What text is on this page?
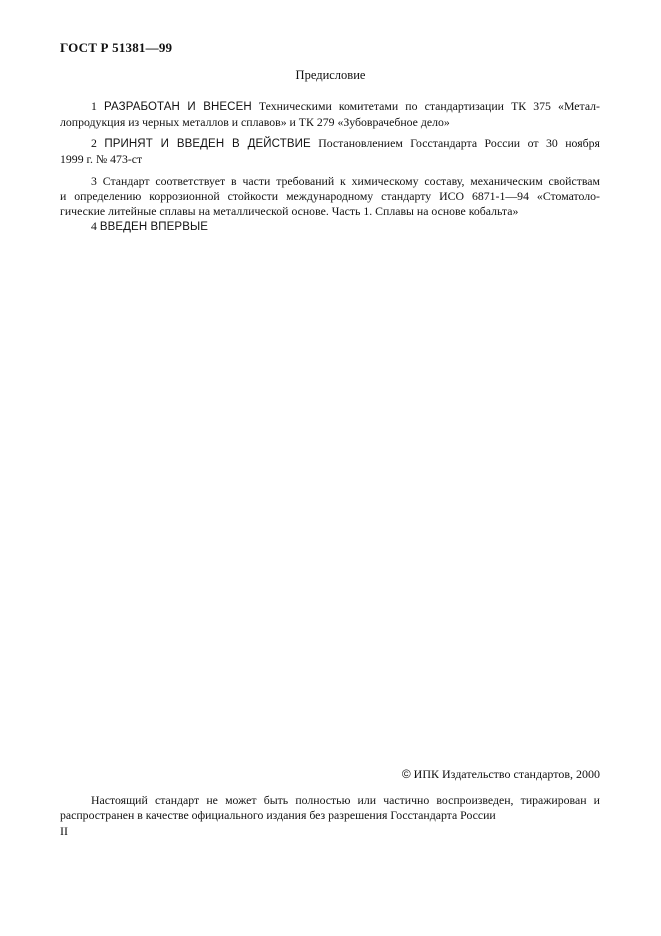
ГОСТ Р 51381—99
Предисловие
1 РАЗРАБОТАН И ВНЕСЕН Техническими комитетами по стандартизации ТК 375 «Метал-
лопродукция из черных металлов и сплавов» и ТК 279 «Зубоврачебное дело»
2 ПРИНЯТ И ВВЕДЕН В ДЕЙСТВИЕ Постановлением Госстандарта России от 30 ноября
1999 г. № 473-ст
3 Стандарт соответствует в части требований к химическому составу, механическим свойствам
и определению коррозионной стойкости международному стандарту ИСО 6871-1—94 «Стоматоло-
гические литейные сплавы на металлической основе. Часть 1. Сплавы на основе кобальта»
4 ВВЕДЕН ВПЕРВЫЕ
© ИПК Издательство стандартов, 2000
Настоящий стандарт не может быть полностью или частично воспроизведен, тиражирован и
распространен в качестве официального издания без разрешения Госстандарта России
II
